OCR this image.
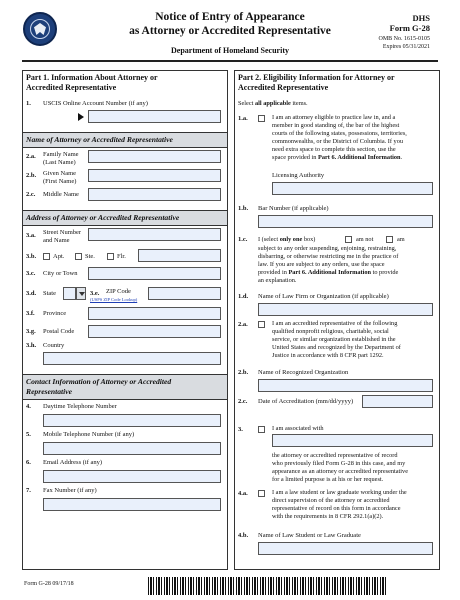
Notice of Entry of Appearance
as Attorney or Accredited Representative
Department of Homeland Security
DHS
Form G-28
OMB No. 1615-0105
Expires 05/31/2021
Part 1. Information About Attorney or
Accredited Representative
1. USCIS Online Account Number (if any)
Name of Attorney or Accredited Representative
2.a. Family Name
(Last Name)
2.b. Given Name
(First Name)
2.c. Middle Name
Address of Attorney or Accredited Representative
3.a. Street Number
and Name
3.b.	Apt.	Ste.	Flr.
3.c. City or Town
3.d. State	3.e. ZIP Code
(USPS ZIP Code Lookup)
3.f. Province
3.g. Postal Code
3.h. Country
Contact Information of Attorney or Accredited
Representative
4. Daytime Telephone Number
5. Mobile Telephone Number (if any)
6. Email Address (if any)
7. Fax Number (if any)
Part 2. Eligibility Information for Attorney or
Accredited Representative
Select all applicable items.
1.a.	I am an attorney eligible to practice law in, and a
member in good standing of, the bar of the highest
courts of the following states, possessions, territories,
commonwealths, or the District of Columbia. If you
need extra space to complete this section, use the
space provided in Part 6. Additional Information.
Licensing Authority
1.b. Bar Number (if applicable)
1.c. I (select only one box)	am not	am
subject to any order suspending, enjoining, restraining,
disbarring, or otherwise restricting me in the practice of
law. If you are subject to any orders, use the space
provided in Part 6. Additional Information to provide
an explanation.
1.d. Name of Law Firm or Organization (if applicable)
2.a.	I am an accredited representative of the following
qualified nonprofit religious, charitable, social
service, or similar organization established in the
United States and recognized by the Department of
Justice in accordance with 8 CFR part 1292.
2.b. Name of Recognized Organization
2.c. Date of Accreditation (mm/dd/yyyy)
3.	I am associated with
the attorney or accredited representative of record
who previously filed Form G-28 in this case, and my
appearance as an attorney or accredited representative
for a limited purpose is at his or her request.
4.a.	I am a law student or law graduate working under the
direct supervision of the attorney or accredited
representative of record on this form in accordance
with the requirements in 8 CFR 292.1(a)(2).
4.b. Name of Law Student or Law Graduate
Form G-28 09/17/18
